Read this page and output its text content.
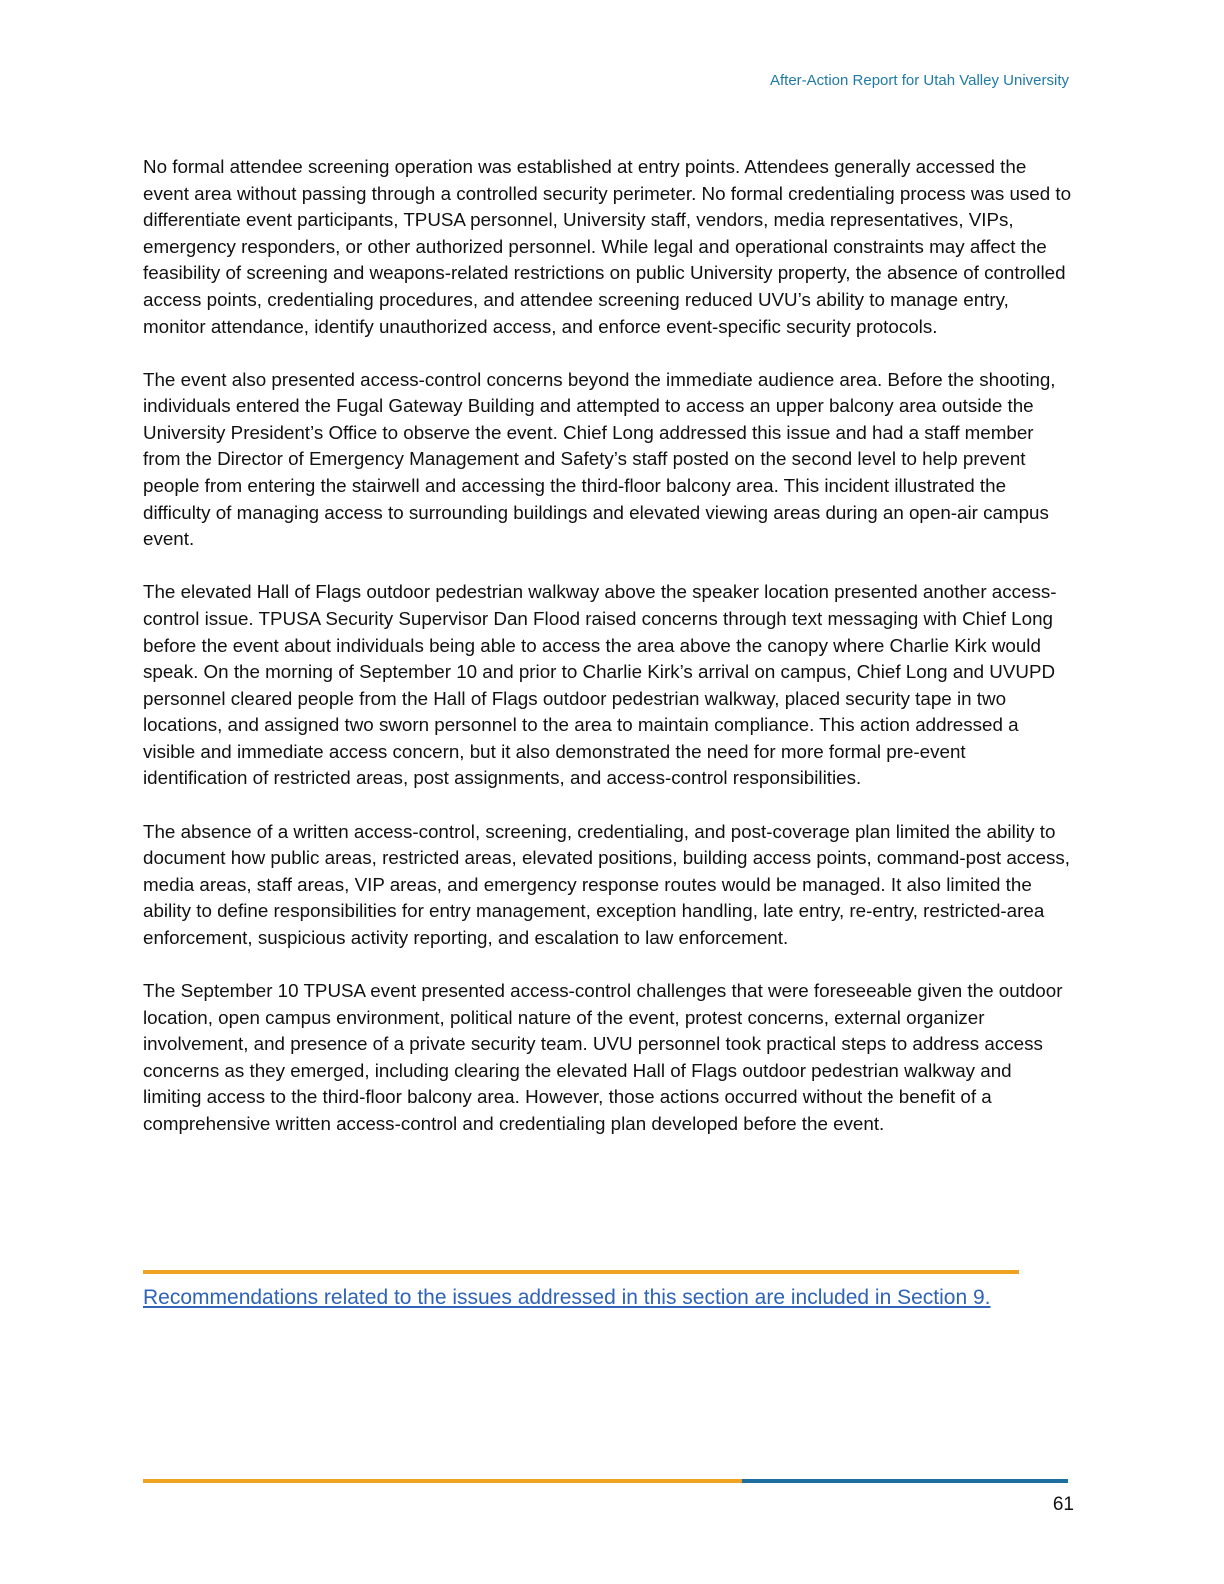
After-Action Report for Utah Valley University

No formal attendee screening operation was established at entry points. Attendees generally accessed the event area without passing through a controlled security perimeter. No formal credentialing process was used to differentiate event participants, TPUSA personnel, University staff, vendors, media representatives, VIPs, emergency responders, or other authorized personnel. While legal and operational constraints may affect the feasibility of screening and weapons-related restrictions on public University property, the absence of controlled access points, credentialing procedures, and attendee screening reduced UVU’s ability to manage entry, monitor attendance, identify unauthorized access, and enforce event-specific security protocols.

The event also presented access-control concerns beyond the immediate audience area. Before the shooting, individuals entered the Fugal Gateway Building and attempted to access an upper balcony area outside the University President’s Office to observe the event. Chief Long addressed this issue and had a staff member from the Director of Emergency Management and Safety’s staff posted on the second level to help prevent people from entering the stairwell and accessing the third-floor balcony area. This incident illustrated the difficulty of managing access to surrounding buildings and elevated viewing areas during an open-air campus event.

The elevated Hall of Flags outdoor pedestrian walkway above the speaker location presented another access-control issue. TPUSA Security Supervisor Dan Flood raised concerns through text messaging with Chief Long before the event about individuals being able to access the area above the canopy where Charlie Kirk would speak. On the morning of September 10 and prior to Charlie Kirk’s arrival on campus, Chief Long and UVUPD personnel cleared people from the Hall of Flags outdoor pedestrian walkway, placed security tape in two locations, and assigned two sworn personnel to the area to maintain compliance. This action addressed a visible and immediate access concern, but it also demonstrated the need for more formal pre-event identification of restricted areas, post assignments, and access-control responsibilities.

The absence of a written access-control, screening, credentialing, and post-coverage plan limited the ability to document how public areas, restricted areas, elevated positions, building access points, command-post access, media areas, staff areas, VIP areas, and emergency response routes would be managed. It also limited the ability to define responsibilities for entry management, exception handling, late entry, re-entry, restricted-area enforcement, suspicious activity reporting, and escalation to law enforcement.

The September 10 TPUSA event presented access-control challenges that were foreseeable given the outdoor location, open campus environment, political nature of the event, protest concerns, external organizer involvement, and presence of a private security team. UVU personnel took practical steps to address access concerns as they emerged, including clearing the elevated Hall of Flags outdoor pedestrian walkway and limiting access to the third-floor balcony area. However, those actions occurred without the benefit of a comprehensive written access-control and credentialing plan developed before the event.

Recommendations related to the issues addressed in this section are included in Section 9.
61
